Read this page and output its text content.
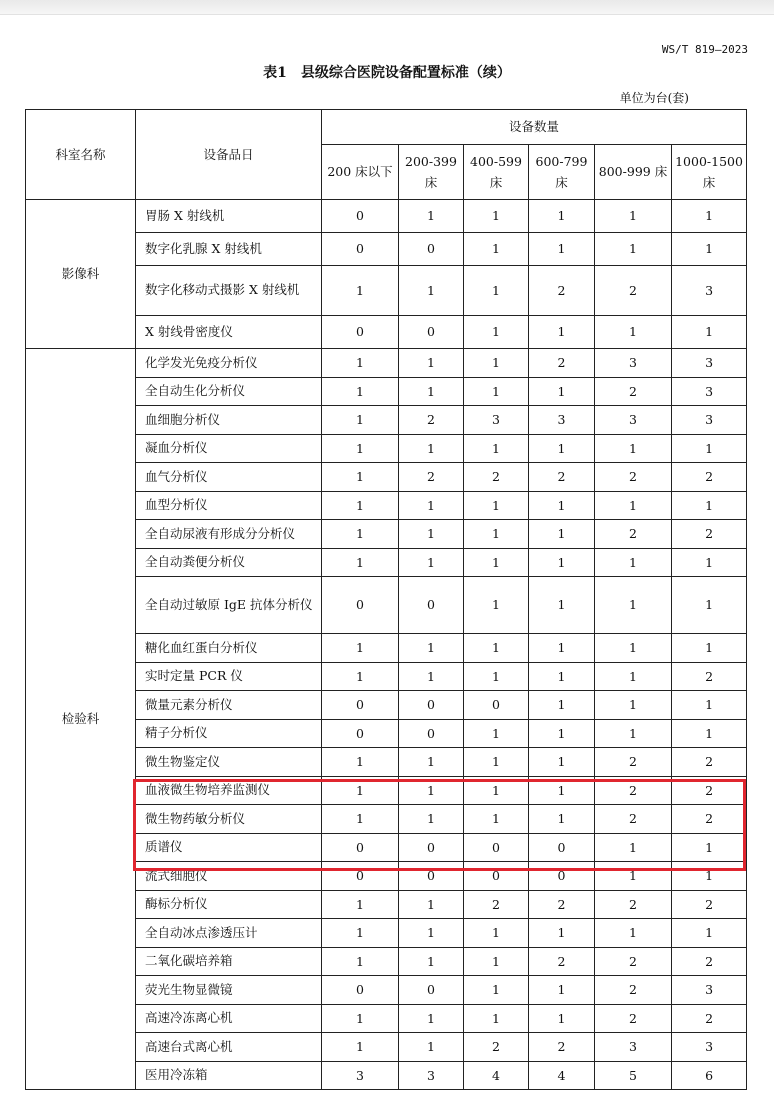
WS/T 819—2023
表1　县级综合医院设备配置标准（续）
单位为台(套)
科室名称	设备品日	设备数量					
		200 床以下	200-399 床	400-599 床	600-799 床	800-999 床	1000-1500 床
影像科	胃肠 X 射线机	0	1	1	1	1	1
	数字化乳腺 X 射线机	0	0	1	1	1	1
	数字化移动式摄影 X 射线机	1	1	1	2	2	3
	X 射线骨密度仪	0	0	1	1	1	1
检验科	化学发光免疫分析仪	1	1	1	2	3	3
	全自动生化分析仪	1	1	1	1	2	3
	血细胞分析仪	1	2	3	3	3	3
	凝血分析仪	1	1	1	1	1	1
	血气分析仪	1	2	2	2	2	2
	血型分析仪	1	1	1	1	1	1
	全自动尿液有形成分分析仪	1	1	1	1	2	2
	全自动粪便分析仪	1	1	1	1	1	1
	全自动过敏原 IgE 抗体分析仪	0	0	1	1	1	1
	糖化血红蛋白分析仪	1	1	1	1	1	1
	实时定量 PCR 仪	1	1	1	1	1	2
	微量元素分析仪	0	0	0	1	1	1
	精子分析仪	0	0	1	1	1	1
	微生物鉴定仪	1	1	1	1	2	2
	血液微生物培养监测仪	1	1	1	1	2	2
	微生物药敏分析仪	1	1	1	1	2	2
	质谱仪	0	0	0	0	1	1
	流式细胞仪	0	0	0	0	1	1
	酶标分析仪	1	1	2	2	2	2
	全自动冰点渗透压计	1	1	1	1	1	1
	二氧化碳培养箱	1	1	1	2	2	2
	荧光生物显微镜	0	0	1	1	2	3
	高速冷冻离心机	1	1	1	1	2	2
	高速台式离心机	1	1	2	2	3	3
	医用冷冻箱	3	3	4	4	5	6
